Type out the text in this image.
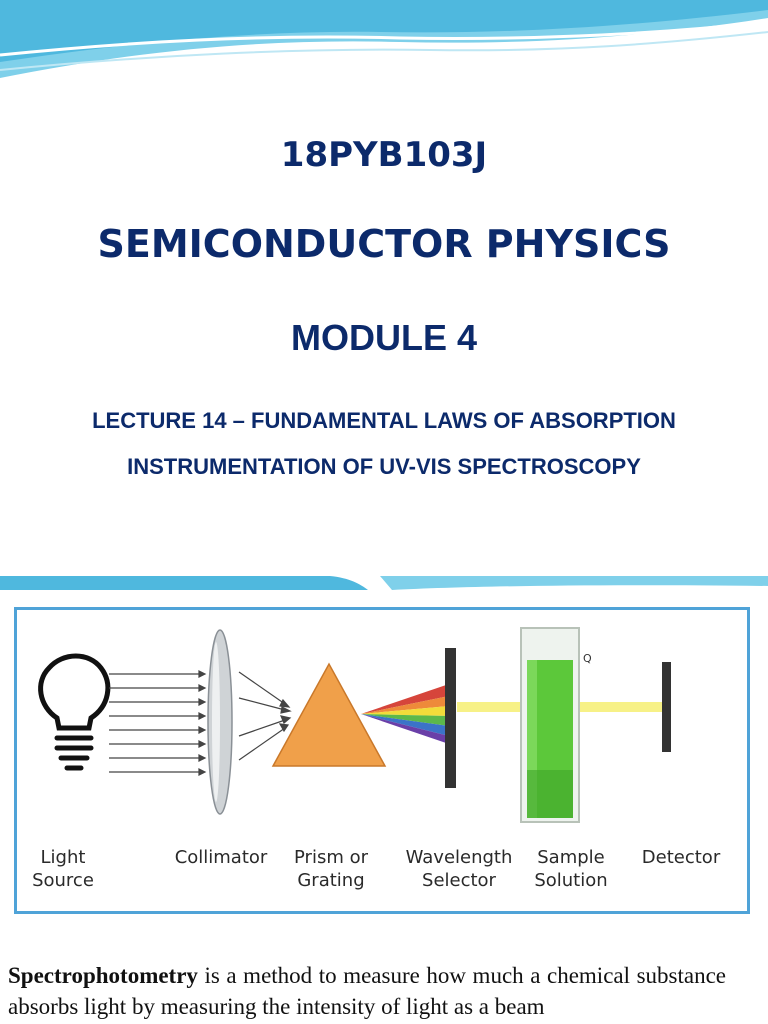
18PYB103J
SEMICONDUCTOR PHYSICS
MODULE 4
LECTURE 14 – FUNDAMENTAL LAWS OF ABSORPTION
INSTRUMENTATION OF UV-VIS SPECTROSCOPY
Q
Light
Source
Collimator	Prism or
Grating
Wavelength
Selector
Sample
Solution
Detector
Spectrophotometry is a method to measure how much a chemical substance absorbs light by measuring the intensity of light as a beam
